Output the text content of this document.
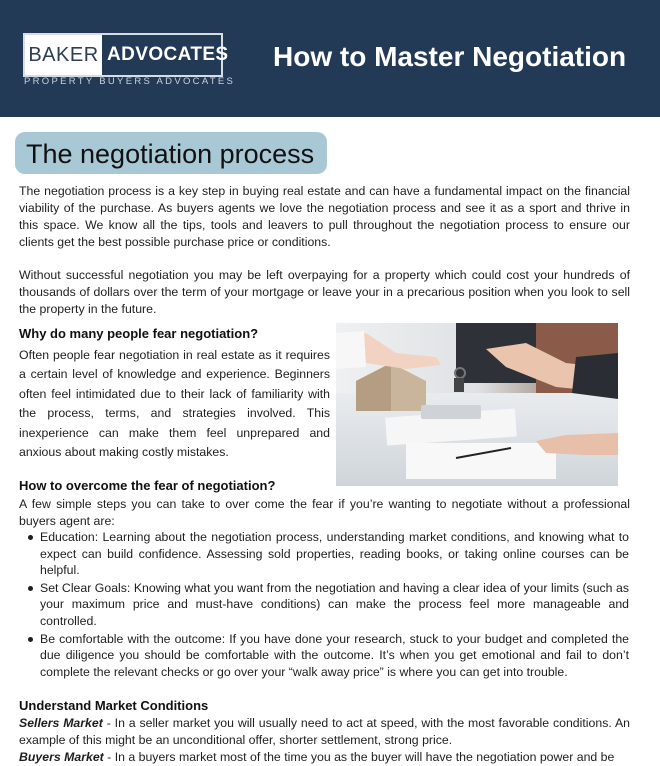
BAKER ADVOCATES
PROPERTY BUYERS ADVOCATES
How to Master Negotiation
The negotiation process

The negotiation process is a key step in buying real estate and can have a fundamental impact on the financial viability of the purchase. As buyers agents we love the negotiation process and see it as a sport and thrive in this space. We know all the tips, tools and leavers to pull throughout the negotiation process to ensure our clients get the best possible purchase price or conditions.

Without successful negotiation you may be left overpaying for a property which could cost your hundreds of thousands of dollars over the term of your mortgage or leave your in a precarious position when you look to sell the property in the future.

Why do many people fear negotiation?

Often people fear negotiation in real estate as it requires a certain level of knowledge and experience. Beginners often feel intimidated due to their lack of familiarity with the process, terms, and strategies involved. This inexperience can make them feel unprepared and anxious about making costly mistakes.

How to overcome the fear of negotiation?

A few simple steps you can take to over come the fear if you’re wanting to negotiate without a professional buyers agent are:

Education: Learning about the negotiation process, understanding market conditions, and knowing what to expect can build confidence. Assessing sold properties, reading books, or taking online courses can be helpful.
Set Clear Goals: Knowing what you want from the negotiation and having a clear idea of your limits (such as your maximum price and must-have conditions) can make the process feel more manageable and controlled.
Be comfortable with the outcome: If you have done your research, stuck to your budget and completed the due diligence you should be comfortable with the outcome. It’s when you get emotional and fail to don’t complete the relevant checks or go over your “walk away price” is where you can get into trouble.
Understand Market Conditions

Sellers Market - In a seller market you will usually need to act at speed, with the most favorable conditions. An example of this might be an unconditional offer, shorter settlement, strong price.

Buyers Market - In a buyers market most of the time you as the buyer will have the negotiation power and be
